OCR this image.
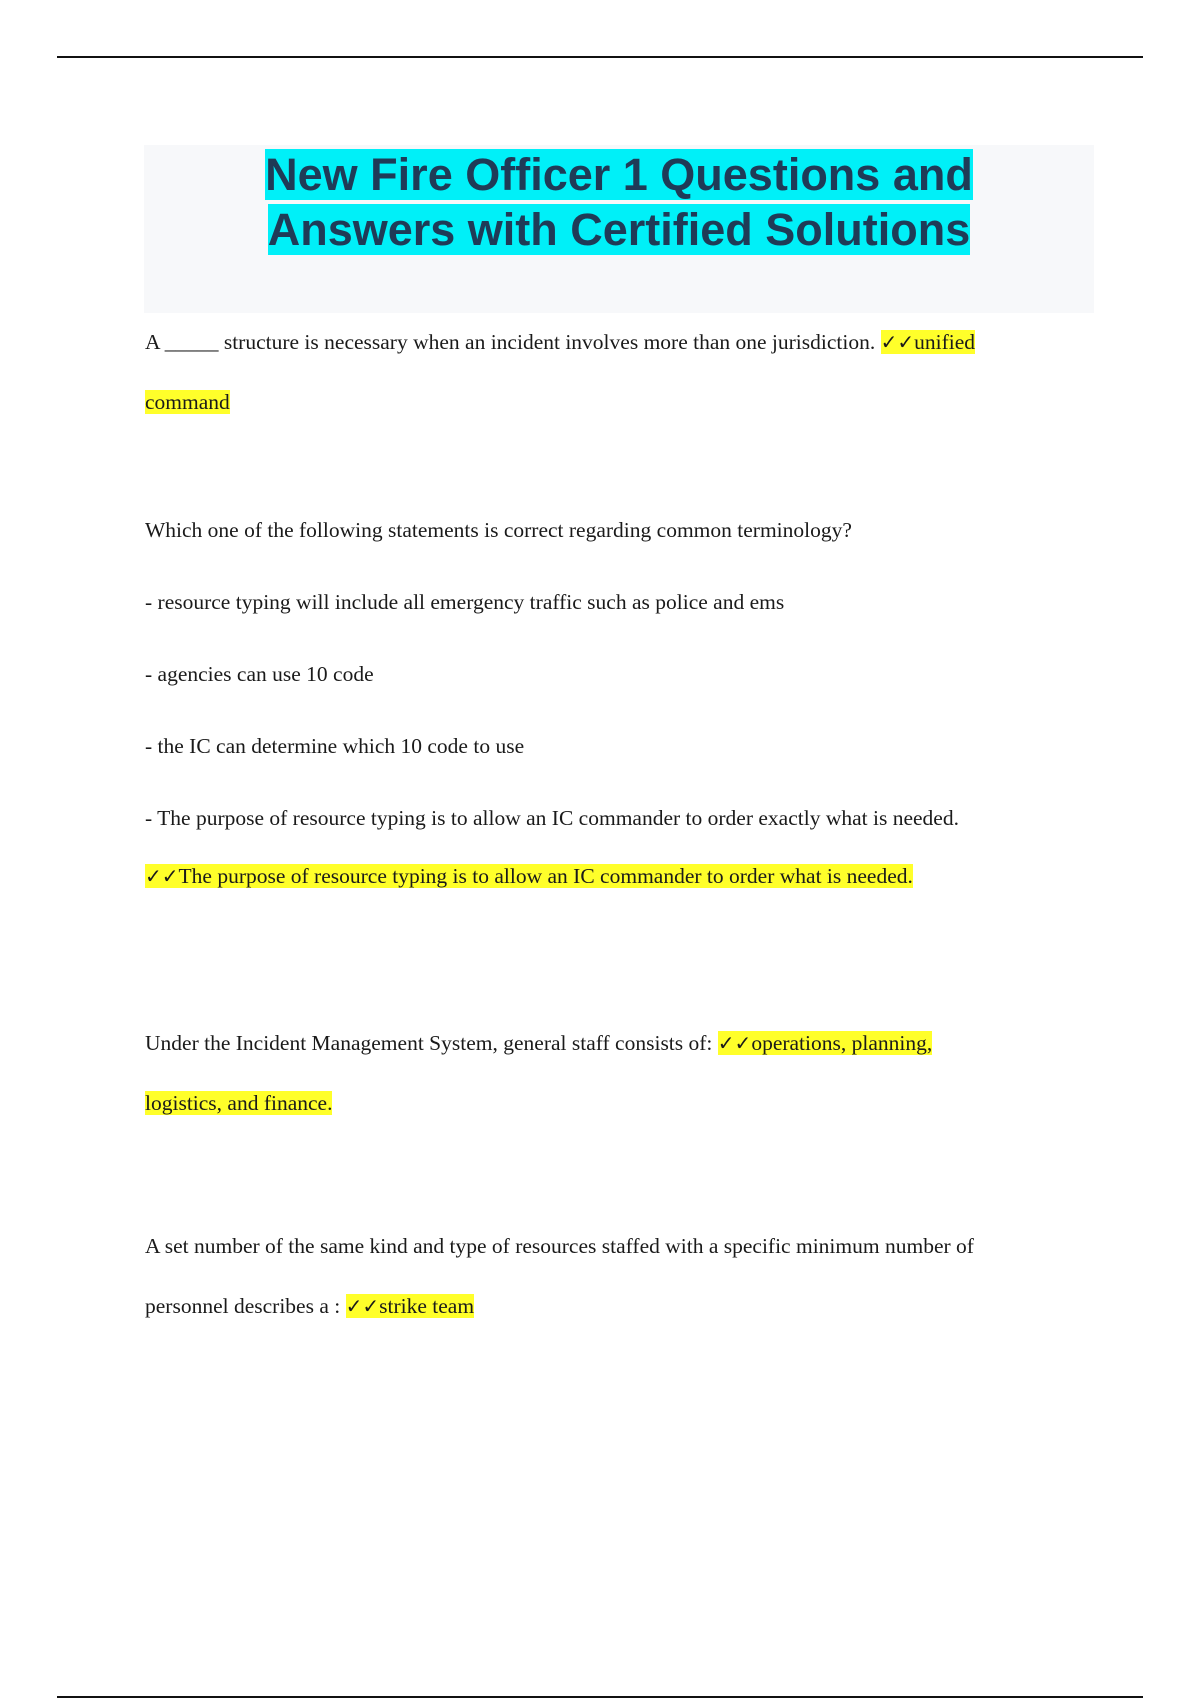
New Fire Officer 1 Questions and
Answers with Certified Solutions
A _____ structure is necessary when an incident involves more than one jurisdiction. ✓✓unified
command
Which one of the following statements is correct regarding common terminology?
- resource typing will include all emergency traffic such as police and ems
- agencies can use 10 code
- the IC can determine which 10 code to use
- The purpose of resource typing is to allow an IC commander to order exactly what is needed.
✓✓The purpose of resource typing is to allow an IC commander to order what is needed.
Under the Incident Management System, general staff consists of: ✓✓operations, planning,
logistics, and finance.
A set number of the same kind and type of resources staffed with a specific minimum number of
personnel describes a : ✓✓strike team
